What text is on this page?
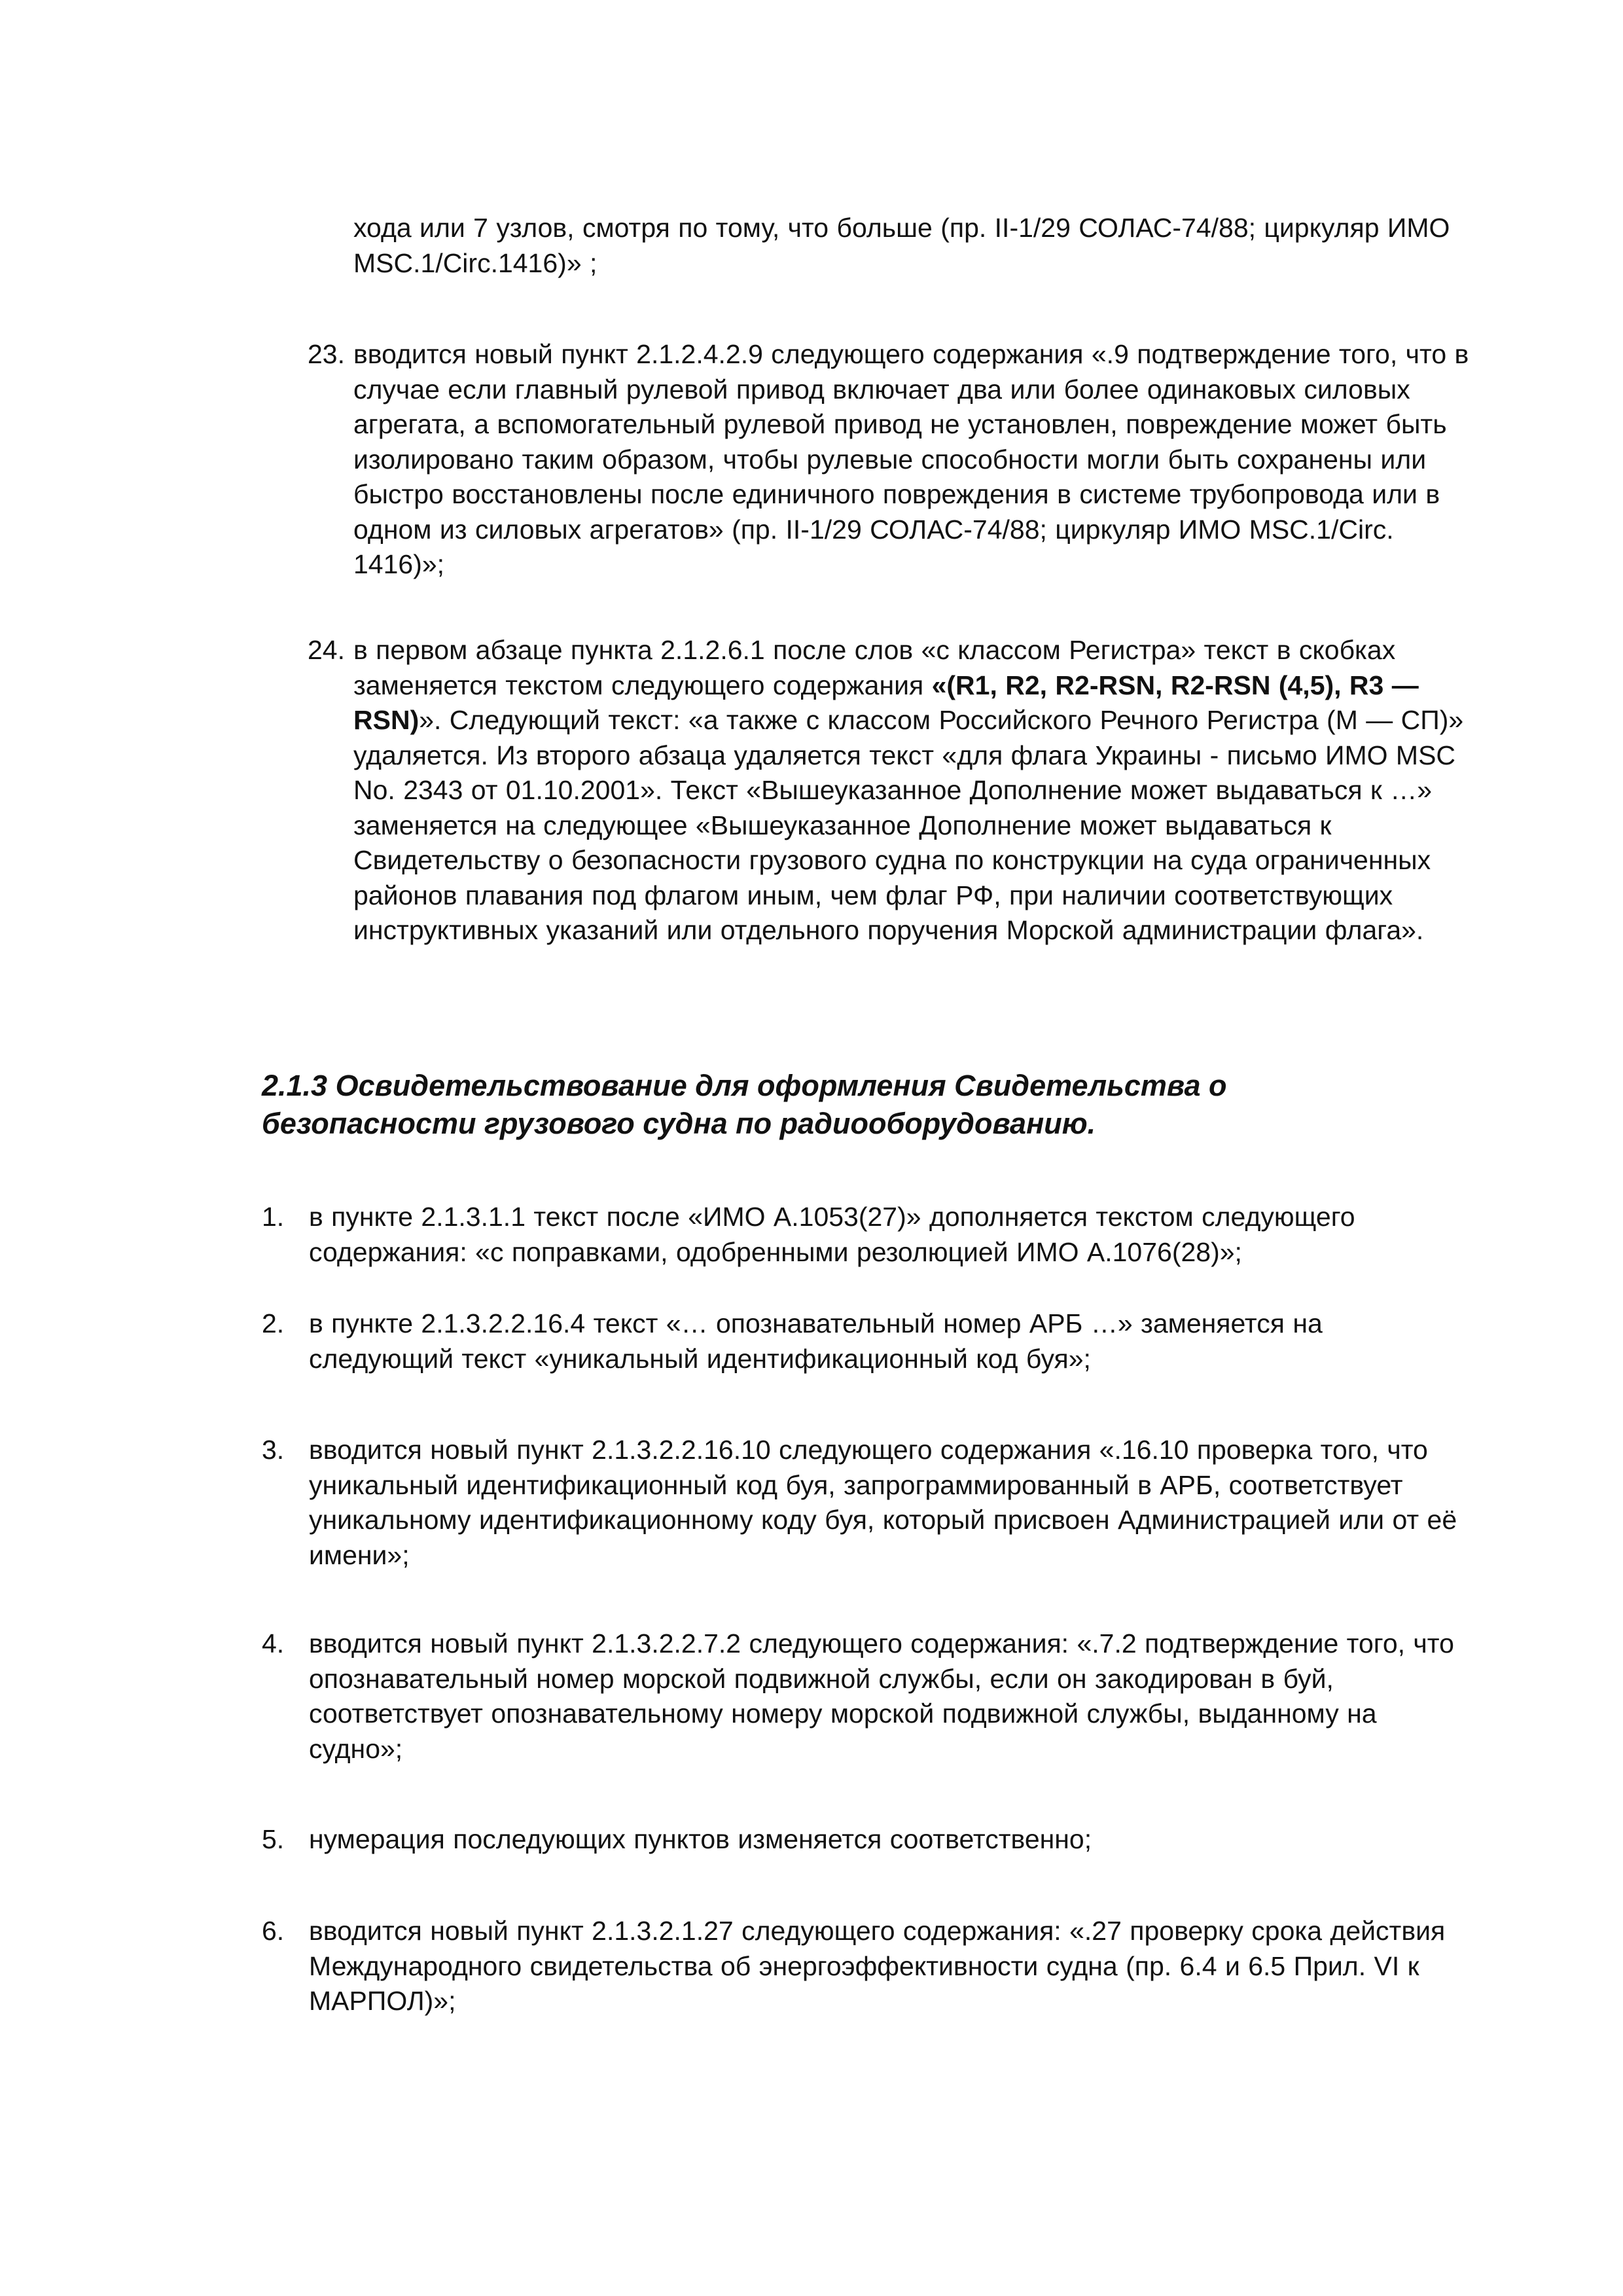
хода или 7 узлов, смотря по тому, что больше (пр. II-1/29 СОЛАС-74/88; циркуляр ИМО MSC.1/Circ.1416)» ;
23. вводится новый пункт 2.1.2.4.2.9 следующего содержания «.9 подтверждение того, что в случае если главный рулевой привод включает два или более одинаковых силовых агрегата, а вспомогательный рулевой привод не установлен, повреждение может быть изолировано таким образом, чтобы рулевые способности могли быть сохранены или быстро восстановлены после единичного повреждения в системе трубопровода или в одном из силовых агрегатов» (пр. II-1/29 СОЛАС-74/88; циркуляр ИМО MSC.1/Circ. 1416)»;
24. в первом абзаце пункта 2.1.2.6.1 после слов «с классом Регистра» текст в скобках заменяется текстом следующего содержания «(R1, R2, R2-RSN, R2-RSN (4,5), R3 — RSN)». Следующий текст: «а также с классом Российского Речного Регистра (М — СП)» удаляется. Из второго абзаца удаляется текст «для флага Украины - письмо ИМО MSC No. 2343 от 01.10.2001». Текст «Вышеуказанное Дополнение может выдаваться к …» заменяется на следующее «Вышеуказанное Дополнение может выдаваться к Свидетельству о безопасности грузового судна по конструкции на суда ограниченных районов плавания под флагом иным, чем флаг РФ, при наличии соответствующих инструктивных указаний или отдельного поручения Морской администрации флага».
2.1.3 Освидетельствование для оформления Свидетельства о безопасности грузового судна по радиооборудованию.
1. в пункте 2.1.3.1.1 текст после «ИМО А.1053(27)» дополняется текстом следующего содержания: «с поправками, одобренными резолюцией ИМО А.1076(28)»;
2. в пункте 2.1.3.2.2.16.4 текст «… опознавательный номер АРБ …» заменяется на следующий текст «уникальный идентификационный код буя»;
3. вводится новый пункт 2.1.3.2.2.16.10 следующего содержания «.16.10 проверка того, что уникальный идентификационный код буя, запрограммированный в АРБ, соответствует уникальному идентификационному коду буя, который присвоен Администрацией или от её имени»;
4. вводится новый пункт 2.1.3.2.2.7.2 следующего содержания: «.7.2 подтверждение того, что опознавательный номер морской подвижной службы, если он закодирован в буй, соответствует опознавательному номеру морской подвижной службы, выданному на судно»;
5. нумерация последующих пунктов изменяется соответственно;
6. вводится новый пункт 2.1.3.2.1.27 следующего содержания: «.27 проверку срока действия Международного свидетельства об энергоэффективности судна (пр. 6.4 и 6.5 Прил. VI к МАРПОЛ)»;
